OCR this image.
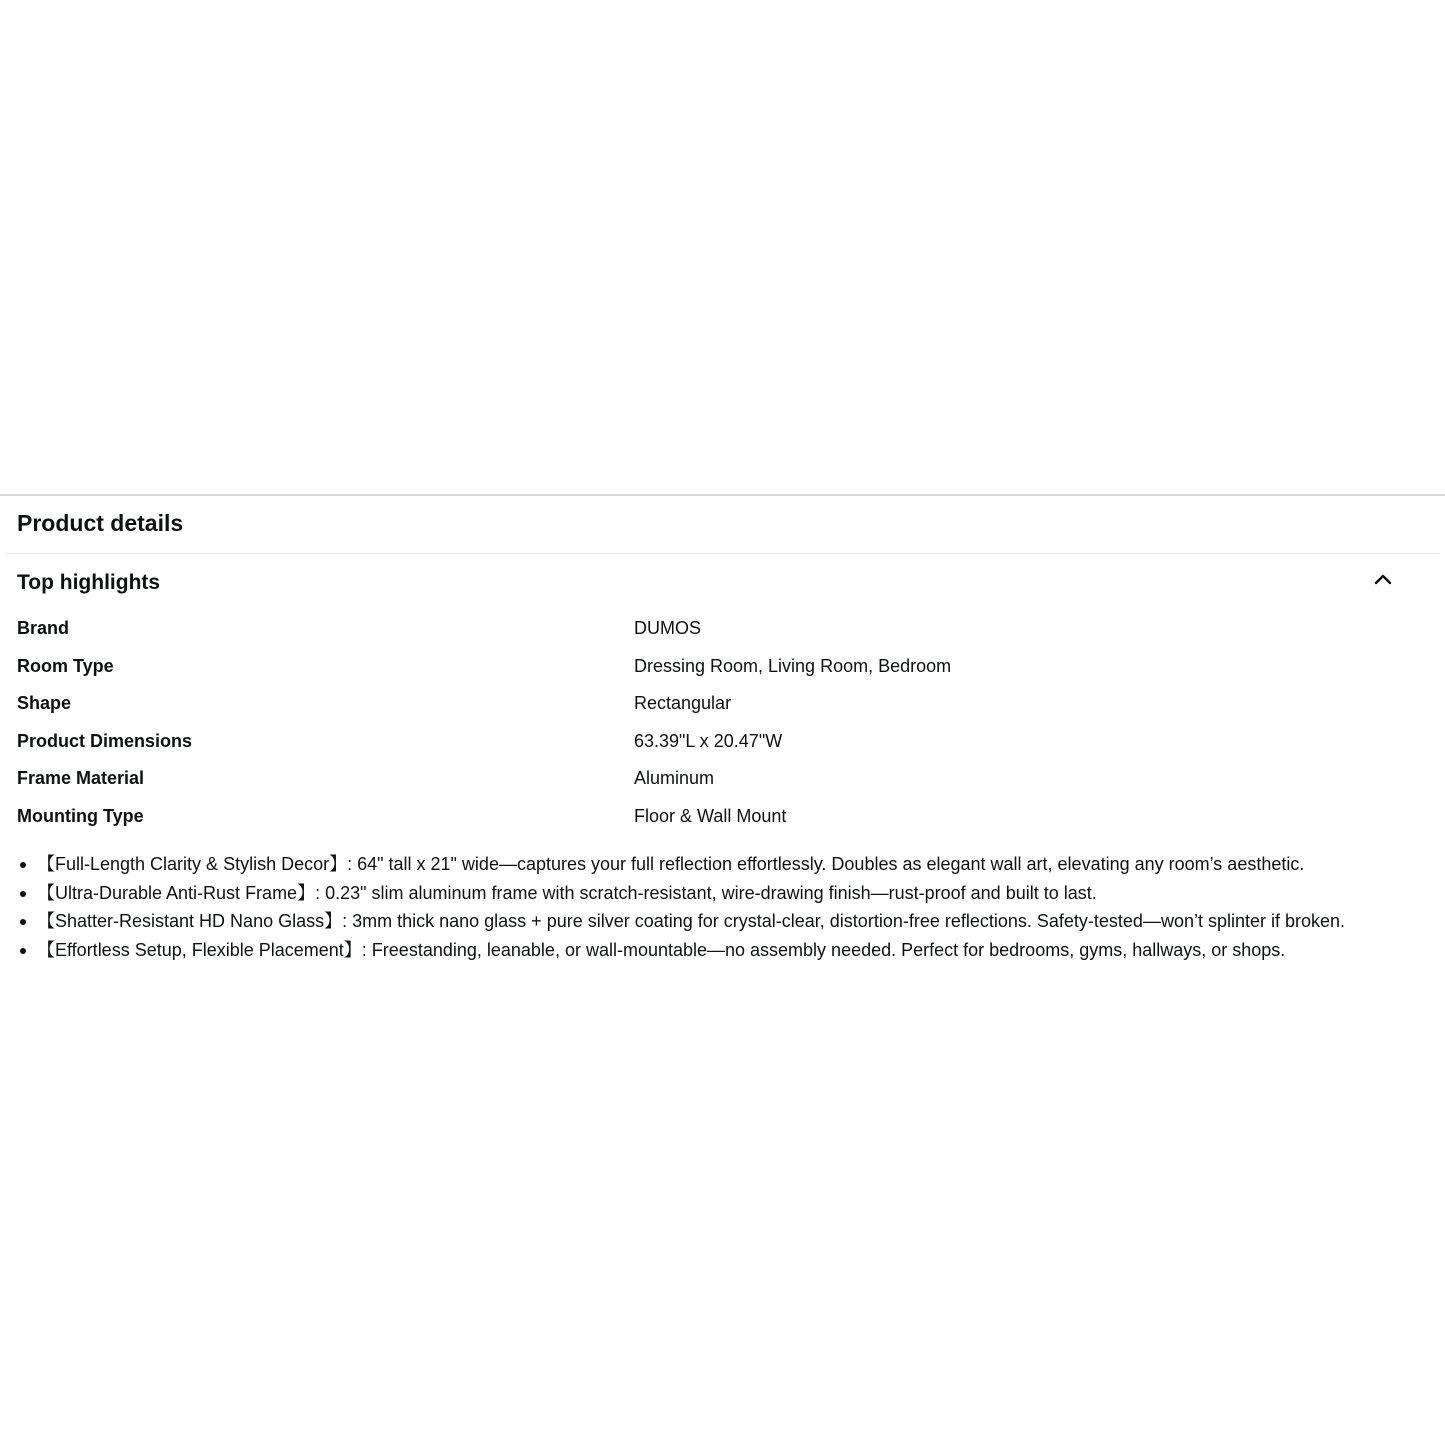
Product details
Top highlights
Brand	DUMOS
Room Type	Dressing Room, Living Room, Bedroom
Shape	Rectangular
Product Dimensions	63.39"L x 20.47"W
Frame Material	Aluminum
Mounting Type	Floor & Wall Mount
【Full-Length Clarity & Stylish Decor】: 64" tall x 21" wide—captures your full reflection effortlessly. Doubles as elegant wall art, elevating any room’s aesthetic.
【Ultra-Durable Anti-Rust Frame】: 0.23" slim aluminum frame with scratch-resistant, wire-drawing finish—rust-proof and built to last.
【Shatter-Resistant HD Nano Glass】: 3mm thick nano glass + pure silver coating for crystal-clear, distortion-free reflections. Safety-tested—won’t splinter if broken.
【Effortless Setup, Flexible Placement】: Freestanding, leanable, or wall-mountable—no assembly needed. Perfect for bedrooms, gyms, hallways, or shops.
